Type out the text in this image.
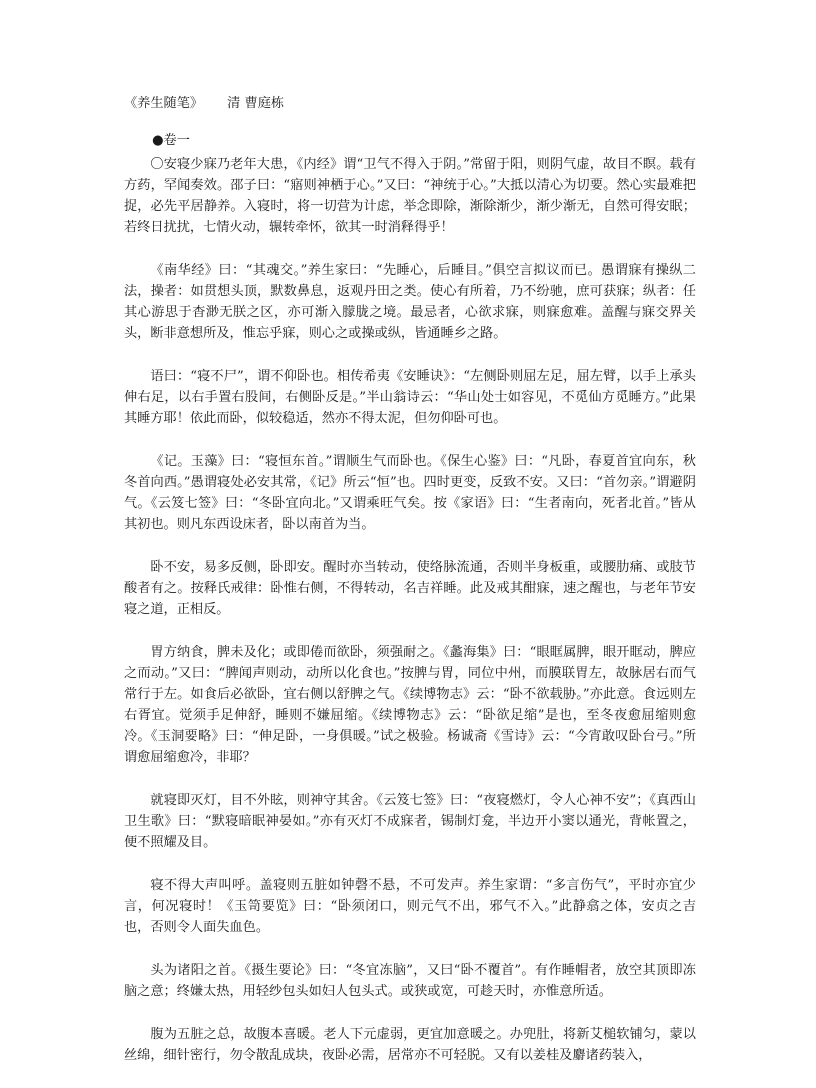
《养生随笔》 清 曹庭栋
●卷一

〇安寝少寐乃老年大患，《内经》谓“卫气不得入于阴。”常留于阳，则阴气虚，故目不瞑。载有方药，罕闻奏效。邵子曰：“寤则神栖于心。”又曰：“神统于心。”大抵以清心为切要。然心实最难把捉，必先平居静养。入寝时，将一切营为计虑，举念即除，渐除渐少，渐少渐无，自然可得安眠；若终日扰扰，七情火动，辗转牵怀，欲其一时消释得乎！

《南华经》曰：“其魂交。”养生家曰：“先睡心，后睡目。”俱空言拟议而已。愚谓寐有操纵二法，操者：如贯想头顶，默数鼻息，返观丹田之类。使心有所着，乃不纷驰，庶可获寐；纵者：任其心游思于杳渺无朕之区，亦可渐入朦胧之境。最忌者，心欲求寐，则寐愈难。盖醒与寐交界关头，断非意想所及，惟忘乎寐，则心之或操或纵，皆通睡乡之路。

语曰：“寝不尸”，谓不仰卧也。相传希夷《安睡诀》：“左侧卧则屈左足，屈左臂，以手上承头伸右足，以右手置右股间，右侧卧反是。”半山翁诗云：“华山处士如容见，不觅仙方觅睡方。”此果其睡方耶！依此而卧，似较稳适，然亦不得太泥，但勿仰卧可也。

《记。玉藻》曰：“寝恒东首。”谓顺生气而卧也。《保生心鉴》曰：“凡卧，春夏首宜向东，秋冬首向西。”愚谓寝处必安其常，《记》所云“恒”也。四时更变，反致不安。又曰：“首勿亲。”谓避阴气。《云笈七签》曰：“冬卧宜向北。”又谓乘旺气矣。按《家语》曰：“生者南向，死者北首。”皆从其初也。则凡东西设床者，卧以南首为当。

卧不安，易多反侧，卧即安。醒时亦当转动，使络脉流通，否则半身板重，或腰肋痛、或肢节酸者有之。按释氏戒律：卧惟右侧，不得转动，名吉祥睡。此及戒其酣寐，速之醒也，与老年节安寝之道，正相反。

胃方纳食，脾未及化；或即倦而欲卧，须强耐之。《蠡海集》曰：“眼眶属脾，眼开眶动，脾应之而动。”又曰：“脾闻声则动，动所以化食也。”按脾与胃，同位中州，而膜联胃左，故脉居右而气常行于左。如食后必欲卧，宜右侧以舒脾之气。《续博物志》云：“卧不欲载胁。”亦此意。食远则左右胥宜。觉须手足伸舒，睡则不嫌屈缩。《续博物志》云：“卧欲足缩”是也，至冬夜愈屈缩则愈冷。《玉洞要略》曰：“伸足卧，一身俱暖。”试之极验。杨诚斋《雪诗》云：“今宵敢叹卧台弓。”所谓愈屈缩愈冷，非耶？

就寝即灭灯，目不外眩，则神守其舍。《云笈七签》曰：“夜寝燃灯，令人心神不安”；《真西山卫生歌》曰：“默寝暗眠神晏如。”亦有灭灯不成寐者，锡制灯龛，半边开小窦以通光，背帐置之，便不照耀及目。

寝不得大声叫呼。盖寝则五脏如钟磬不悬，不可发声。养生家谓：“多言伤气”，平时亦宜少言，何况寝时！《玉笥要览》曰：“卧须闭口，则元气不出，邪气不入。”此静翕之体，安贞之吉也，否则令人面失血色。

头为诸阳之首。《摄生要论》曰：“冬宜冻脑”，又曰“卧不覆首”。有作睡帽者，放空其顶即冻脑之意；终嫌太热，用轻纱包头如妇人包头式。或狭或宽，可趁天时，亦惟意所适。

腹为五脏之总，故腹本喜暖。老人下元虚弱，更宜加意暖之。办兜肚，将新艾槌软铺匀，蒙以丝绵，细针密行，勿令散乱成块，夜卧必需，居常亦不可轻脱。又有以姜桂及麝诸药装入，
